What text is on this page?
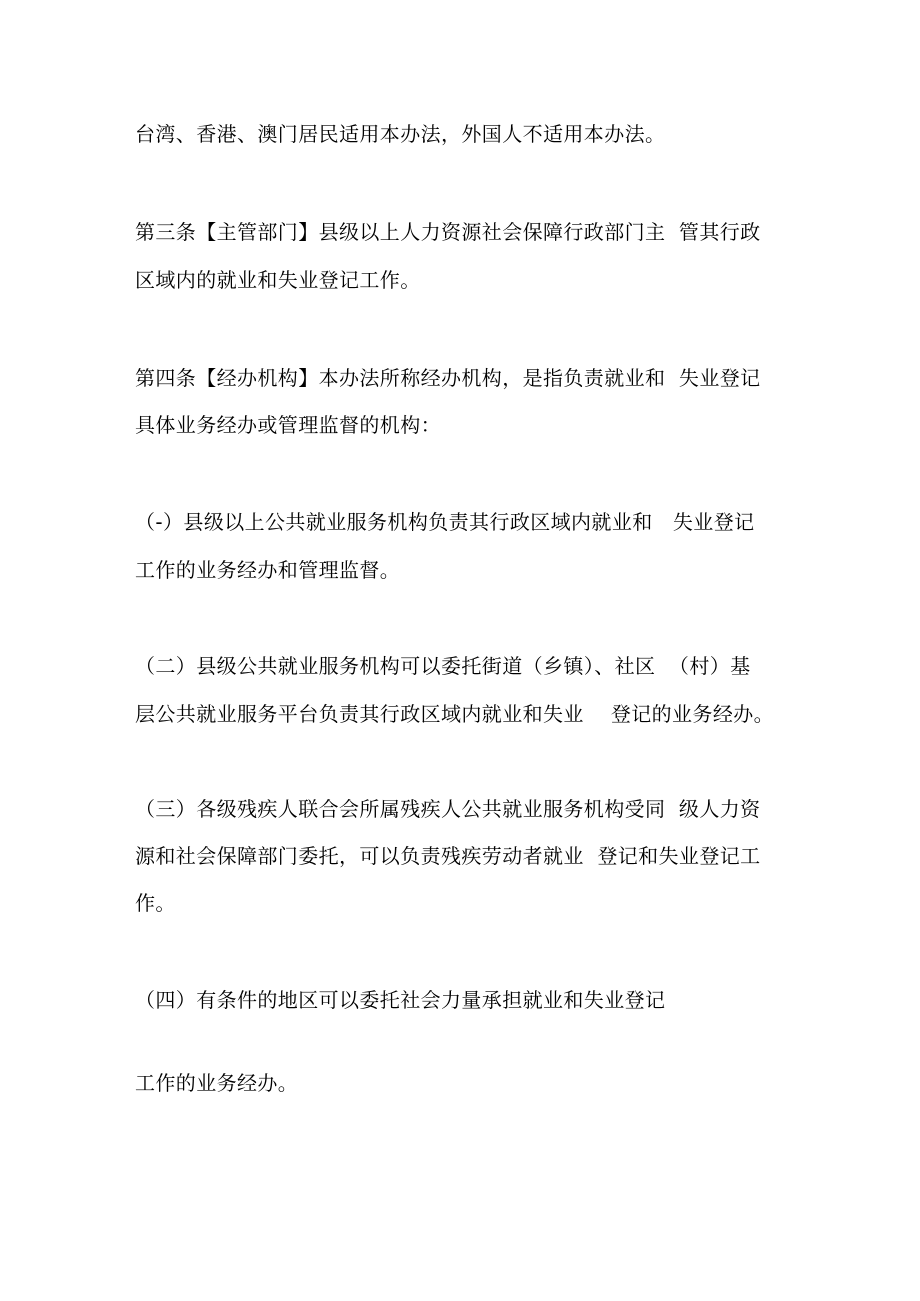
台湾、香港、澳门居民适用本办法，外国人不适用本办法。
第三条【主管部门】县级以上人力资源社会保障行政部门主  管其行政
区域内的就业和失业登记工作。
第四条【经办机构】本办法所称经办机构，是指负责就业和  失业登记
具体业务经办或管理监督的机构：
（-）县级以上公共就业服务机构负责其行政区域内就业和   失业登记
工作的业务经办和管理监督。
（二）县级公共就业服务机构可以委托街道（乡镇）、社区  （村）基
层公共就业服务平台负责其行政区域内就业和失业    登记的业务经办。
（三）各级残疾人联合会所属残疾人公共就业服务机构受同  级人力资
源和社会保障部门委托，可以负责残疾劳动者就业  登记和失业登记工
作。
（四）有条件的地区可以委托社会力量承担就业和失业登记
工作的业务经办。
